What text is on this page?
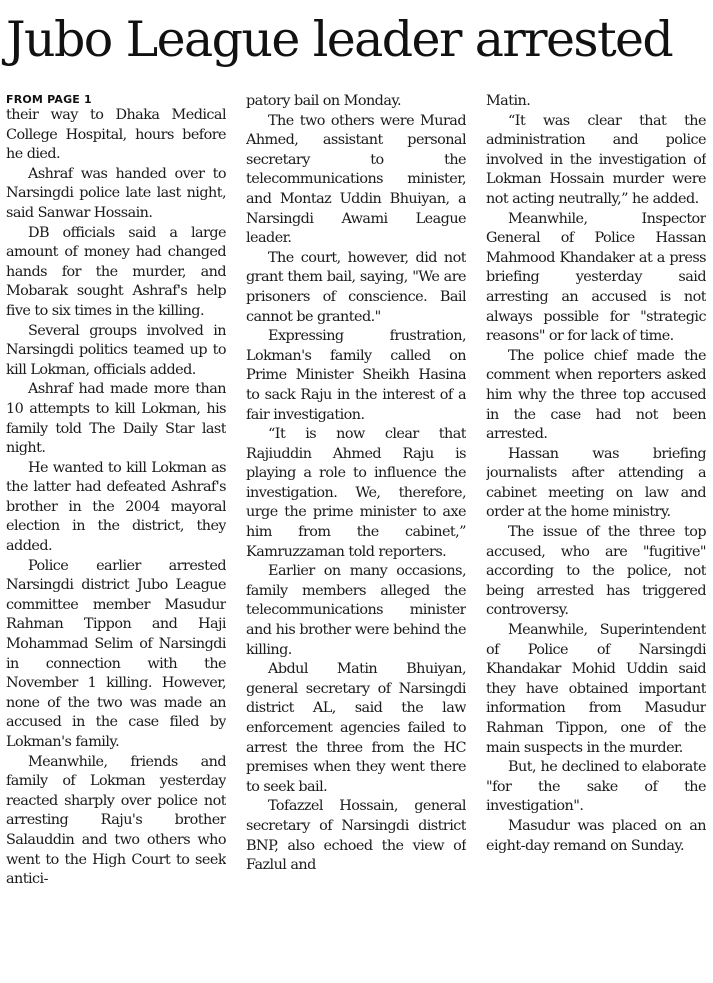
Jubo League leader arrested
FROM PAGE 1

their way to Dhaka Medical College Hospital, hours before he died.

Ashraf was handed over to Narsingdi police late last night, said Sanwar Hossain.

DB officials said a large amount of money had changed hands for the murder, and Mobarak sought Ashraf's help five to six times in the killing.

Several groups involved in Narsingdi politics teamed up to kill Lokman, officials added.

Ashraf had made more than 10 attempts to kill Lokman, his family told The Daily Star last night.

He wanted to kill Lokman as the latter had defeated Ashraf's brother in the 2004 mayoral election in the district, they added.

Police earlier arrested Narsingdi district Jubo League committee member Masudur Rahman Tippon and Haji Mohammad Selim of Narsingdi in connection with the November 1 killing. However, none of the two was made an accused in the case filed by Lokman's family.

Meanwhile, friends and family of Lokman yesterday reacted sharply over police not arresting Raju's brother Salauddin and two others who went to the High Court to seek antici-

patory bail on Monday.

The two others were Murad Ahmed, assistant personal secretary to the telecommunications minister, and Montaz Uddin Bhuiyan, a Narsingdi Awami League leader.

The court, however, did not grant them bail, saying, "We are prisoners of conscience. Bail cannot be granted."

Expressing frustration, Lokman's family called on Prime Minister Sheikh Hasina to sack Raju in the interest of a fair investigation.

“It is now clear that Rajiuddin Ahmed Raju is playing a role to influence the investigation. We, therefore, urge the prime minister to axe him from the cabinet,” Kamruzzaman told reporters.

Earlier on many occasions, family members alleged the telecommunications minister and his brother were behind the killing.

Abdul Matin Bhuiyan, general secretary of Narsingdi district AL, said the law enforcement agencies failed to arrest the three from the HC premises when they went there to seek bail.

Tofazzel Hossain, general secretary of Narsingdi district BNP, also echoed the view of Fazlul and

Matin.

“It was clear that the administration and police involved in the investigation of Lokman Hossain murder were not acting neutrally,” he added.

Meanwhile, Inspector General of Police Hassan Mahmood Khandaker at a press briefing yesterday said arresting an accused is not always possible for "strategic reasons" or for lack of time.

The police chief made the comment when reporters asked him why the three top accused in the case had not been arrested.

Hassan was briefing journalists after attending a cabinet meeting on law and order at the home ministry.

The issue of the three top accused, who are "fugitive" according to the police, not being arrested has triggered controversy.

Meanwhile, Superintendent of Police of Narsingdi Khandakar Mohid Uddin said they have obtained important information from Masudur Rahman Tippon, one of the main suspects in the murder.

But, he declined to elaborate "for the sake of the investigation".

Masudur was placed on an eight-day remand on Sunday.
